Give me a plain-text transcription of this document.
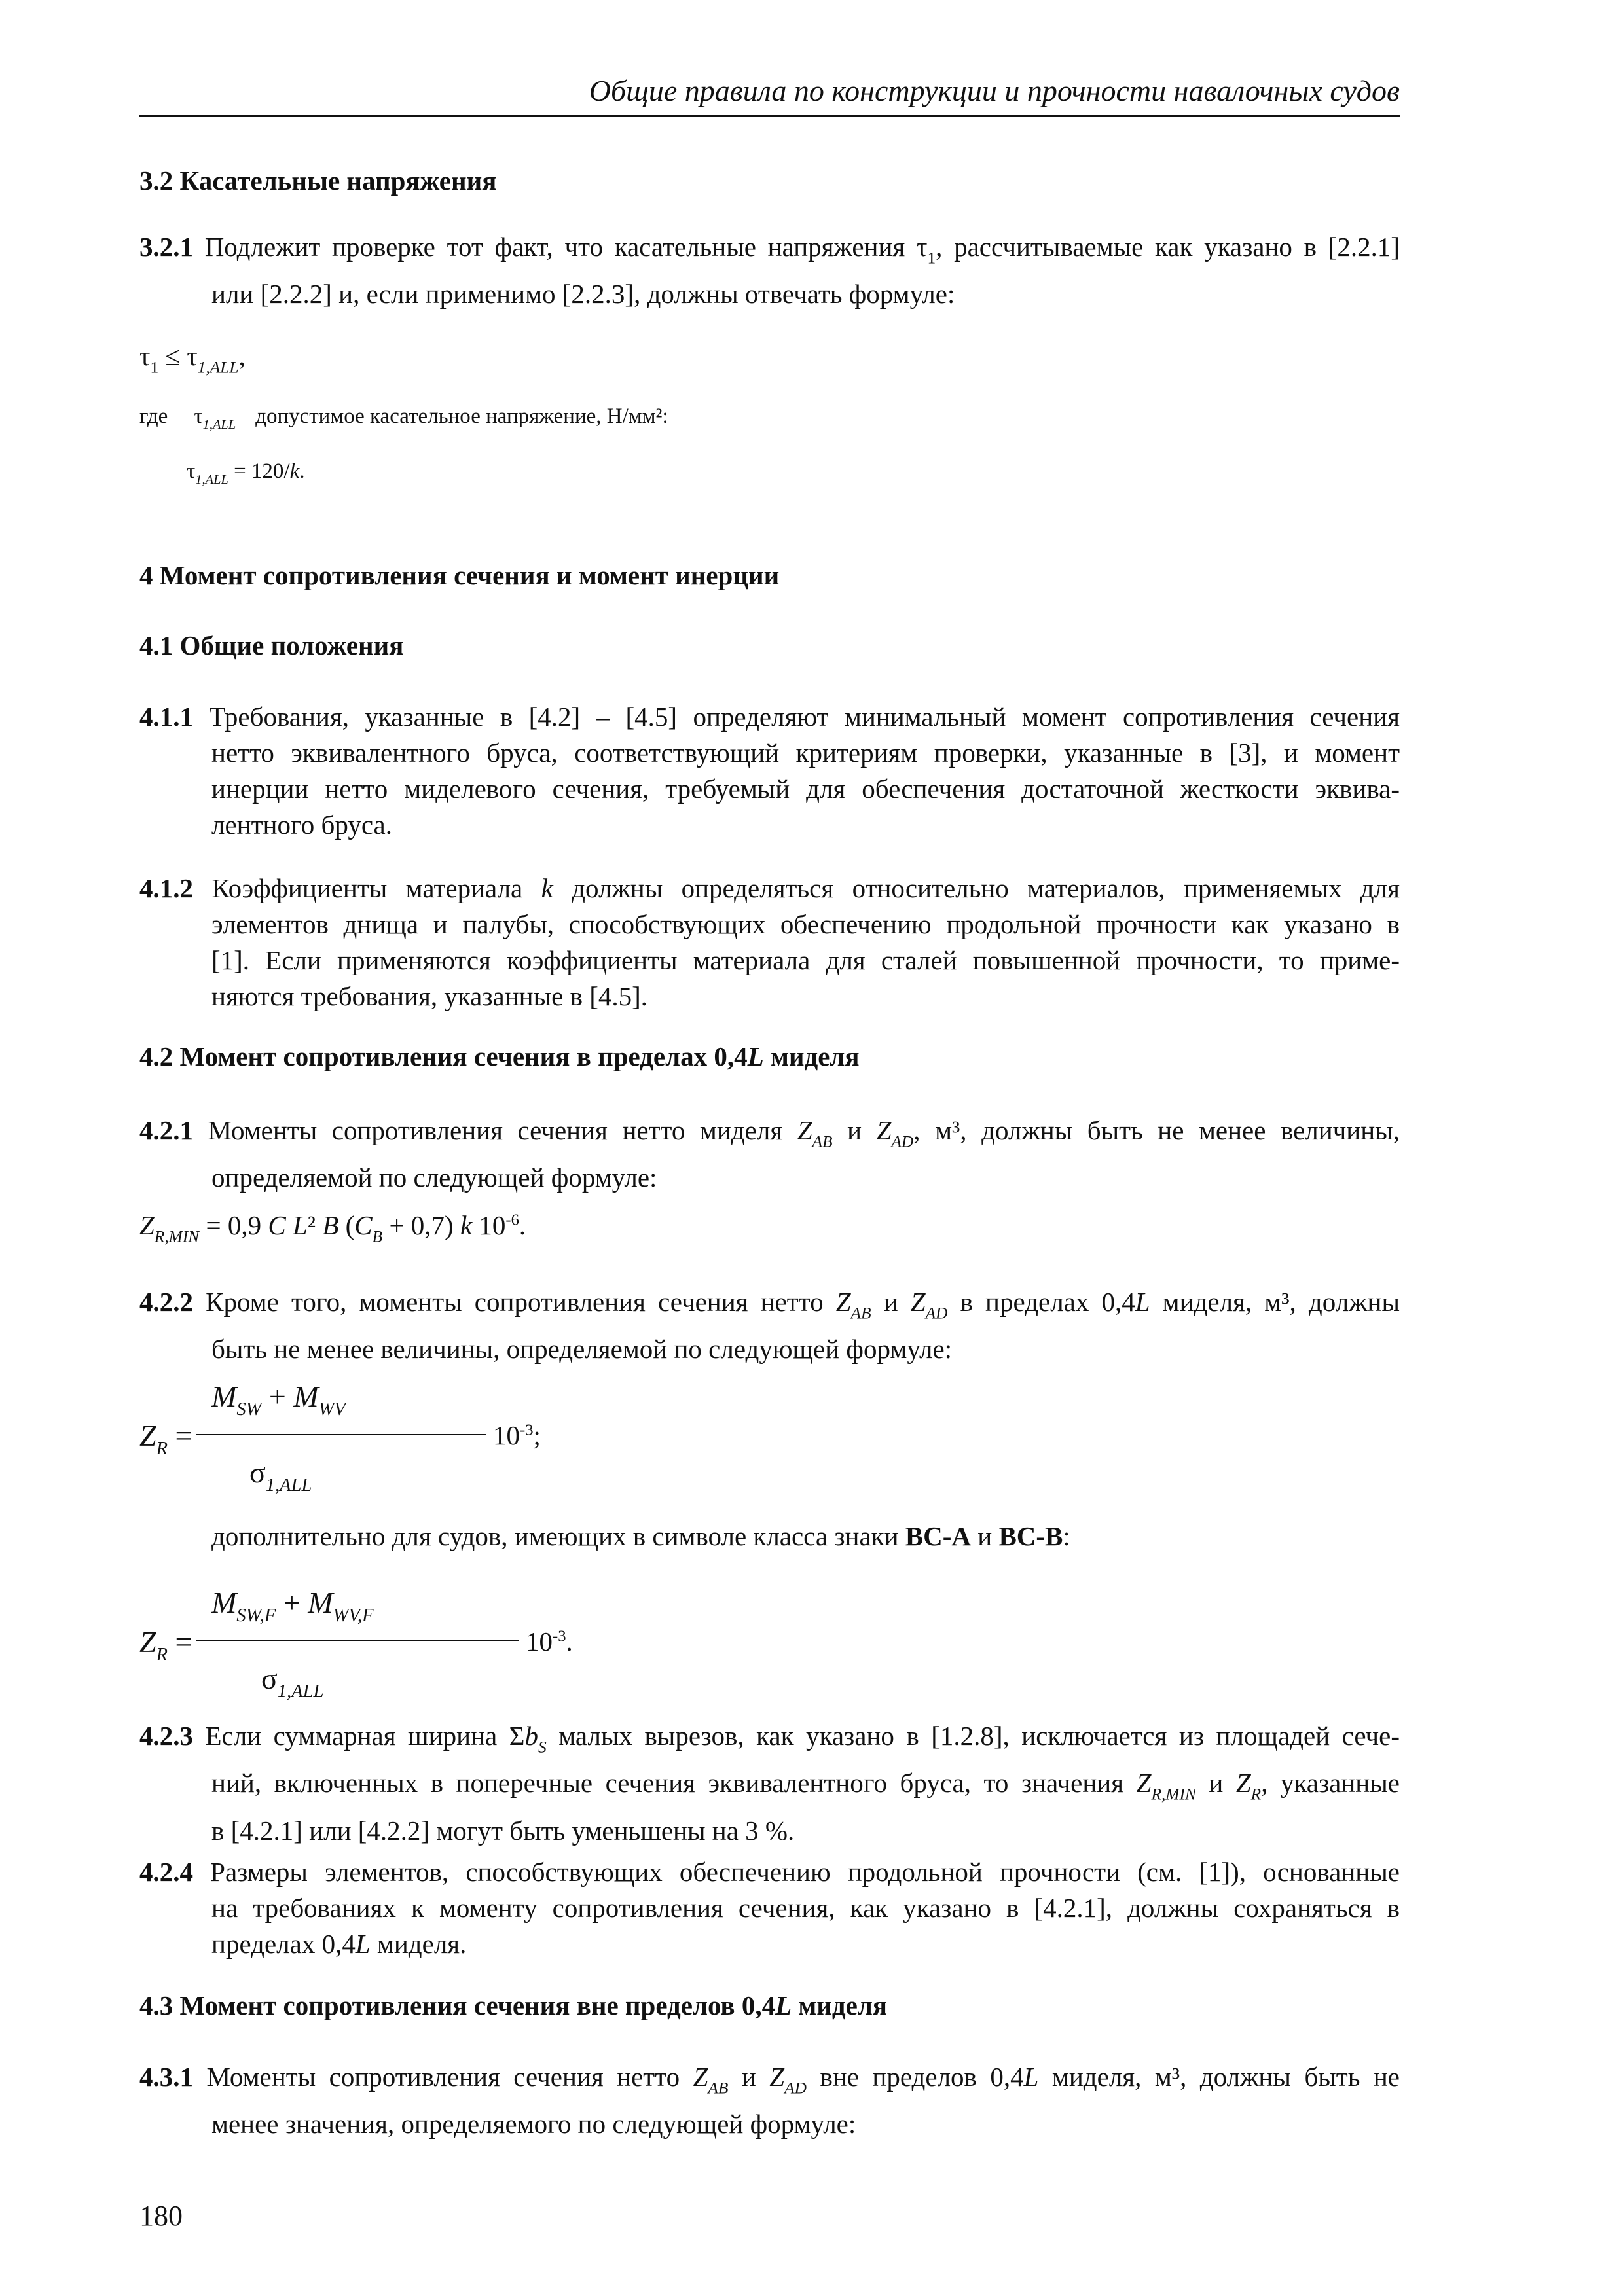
Общие правила по конструкции и прочности навалочных судов
3.2 Касательные напряжения
3.2.1 Подлежит проверке тот факт, что касательные напряжения $\tau_1$, рассчитываемые как указано в [2.2.1]
или [2.2.2] и, если применимо [2.2.3], должны отвечать формуле:
$\tau_1 \le \tau_{1,ALL}$,
где $\tau_{1,ALL}$ допустимое касательное напряжение, Н/мм²:
$\tau_{1,ALL} = 120/k$.
4 Момент сопротивления сечения и момент инерции
4.1 Общие положения
4.1.1 Требования, указанные в [4.2] – [4.5] определяют минимальный момент сопротивления сечения
нетто эквивалентного бруса, соответствующий критериям проверки, указанные в [3], и момент
инерции нетто миделевого сечения, требуемый для обеспечения достаточной жесткости эквива-
лентного бруса.
4.1.2 Коэффициенты материала k должны определяться относительно материалов, применяемых для
элементов днища и палубы, способствующих обеспечению продольной прочности как указано в
[1]. Если применяются коэффициенты материала для сталей повышенной прочности, то приме-
няются требования, указанные в [4.5].
4.2 Момент сопротивления сечения в пределах 0,4L миделя
4.2.1 Моменты сопротивления сечения нетто миделя $Z_{AB}$ и $Z_{AD}$, м³, должны быть не менее величины,
определяемой по следующей формуле:
$Z_{R,MIN} = 0,9$ C L² B $(C_B + 0,7)$ k $10^{-6}$.
4.2.2 Кроме того, моменты сопротивления сечения нетто $Z_{AB}$ и $Z_{AD}$ в пределах 0,4L миделя, м³, должны
быть не менее величины, определяемой по следующей формуле:
$Z_R$ =
$M_{SW} + M_{WV}$
$\sigma_{1,ALL}$
$10^{-3}$;
дополнительно для судов, имеющих в символе класса знаки BC-A и BC-B:
$Z_R$ =
$M_{SW,F} + M_{WV,F}$
$\sigma_{1,ALL}$
$10^{-3}$.
4.2.3 Если суммарная ширина $\Sigma b_S$ малых вырезов, как указано в [1.2.8], исключается из площадей сече-
ний, включенных в поперечные сечения эквивалентного бруса, то значения $Z_{R,MIN}$ и $Z_R$, указанные
в [4.2.1] или [4.2.2] могут быть уменьшены на 3 %.
4.2.4 Размеры элементов, способствующих обеспечению продольной прочности (см. [1]), основанные
на требованиях к моменту сопротивления сечения, как указано в [4.2.1], должны сохраняться в
пределах 0,4L миделя.
4.3 Момент сопротивления сечения вне пределов 0,4L миделя
4.3.1 Моменты сопротивления сечения нетто $Z_{AB}$ и $Z_{AD}$ вне пределов 0,4L миделя, м³, должны быть не
менее значения, определяемого по следующей формуле:
180
